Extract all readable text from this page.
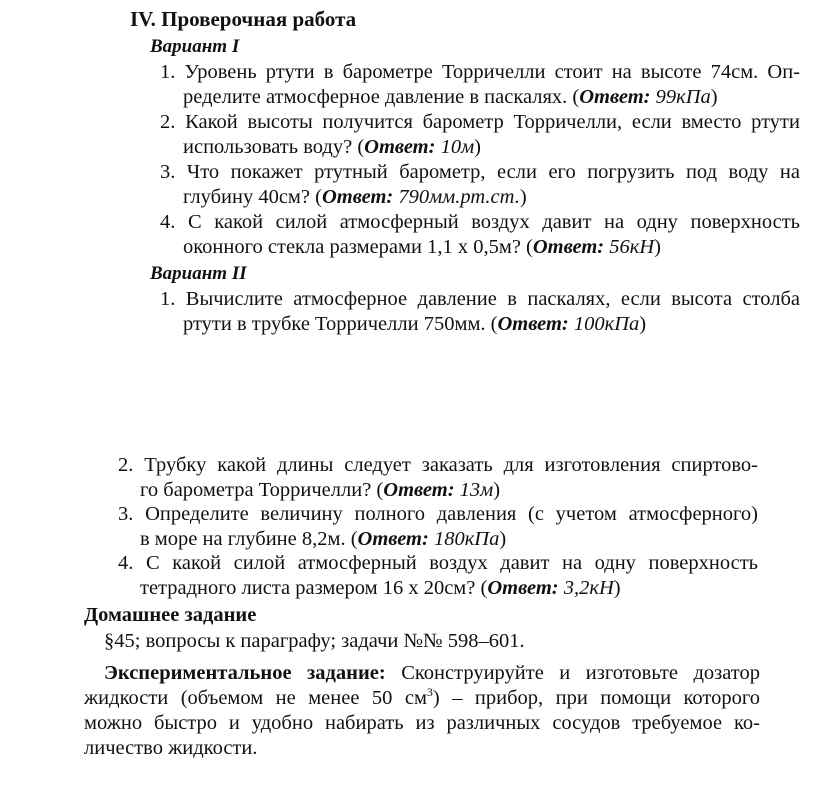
IV. Проверочная работа
Вариант I
1. Уровень ртути в барометре Торричелли стоит на высоте 74см. Оп-
ределите атмосферное давление в паскалях. (Ответ: 99кПа)
2. Какой высоты получится барометр Торричелли, если вместо ртути
использовать воду? (Ответ: 10м)
3. Что покажет ртутный барометр, если его погрузить под воду на
глубину 40см? (Ответ: 790мм.рт.ст.)
4. С какой силой атмосферный воздух давит на одну поверхность
оконного стекла размерами 1,1 х 0,5м? (Ответ: 56кН)
Вариант II
1. Вычислите атмосферное давление в паскалях, если высота столба
ртути в трубке Торричелли 750мм. (Ответ: 100кПа)
2. Трубку какой длины следует заказать для изготовления спиртово-
го барометра Торричелли? (Ответ: 13м)
3. Определите величину полного давления (с учетом атмосферного)
в море на глубине 8,2м. (Ответ: 180кПа)
4. С какой силой атмосферный воздух давит на одну поверхность
тетрадного листа размером 16 х 20см? (Ответ: 3,2кН)
Домашнее задание
§45; вопросы к параграфу; задачи №№ 598–601.
Экспериментальное задание: Сконструируйте и изготовьте дозатор
жидкости (объемом не менее 50 $см^3$) – прибор, при помощи которого
можно быстро и удобно набирать из различных сосудов требуемое ко-
личество жидкости.
